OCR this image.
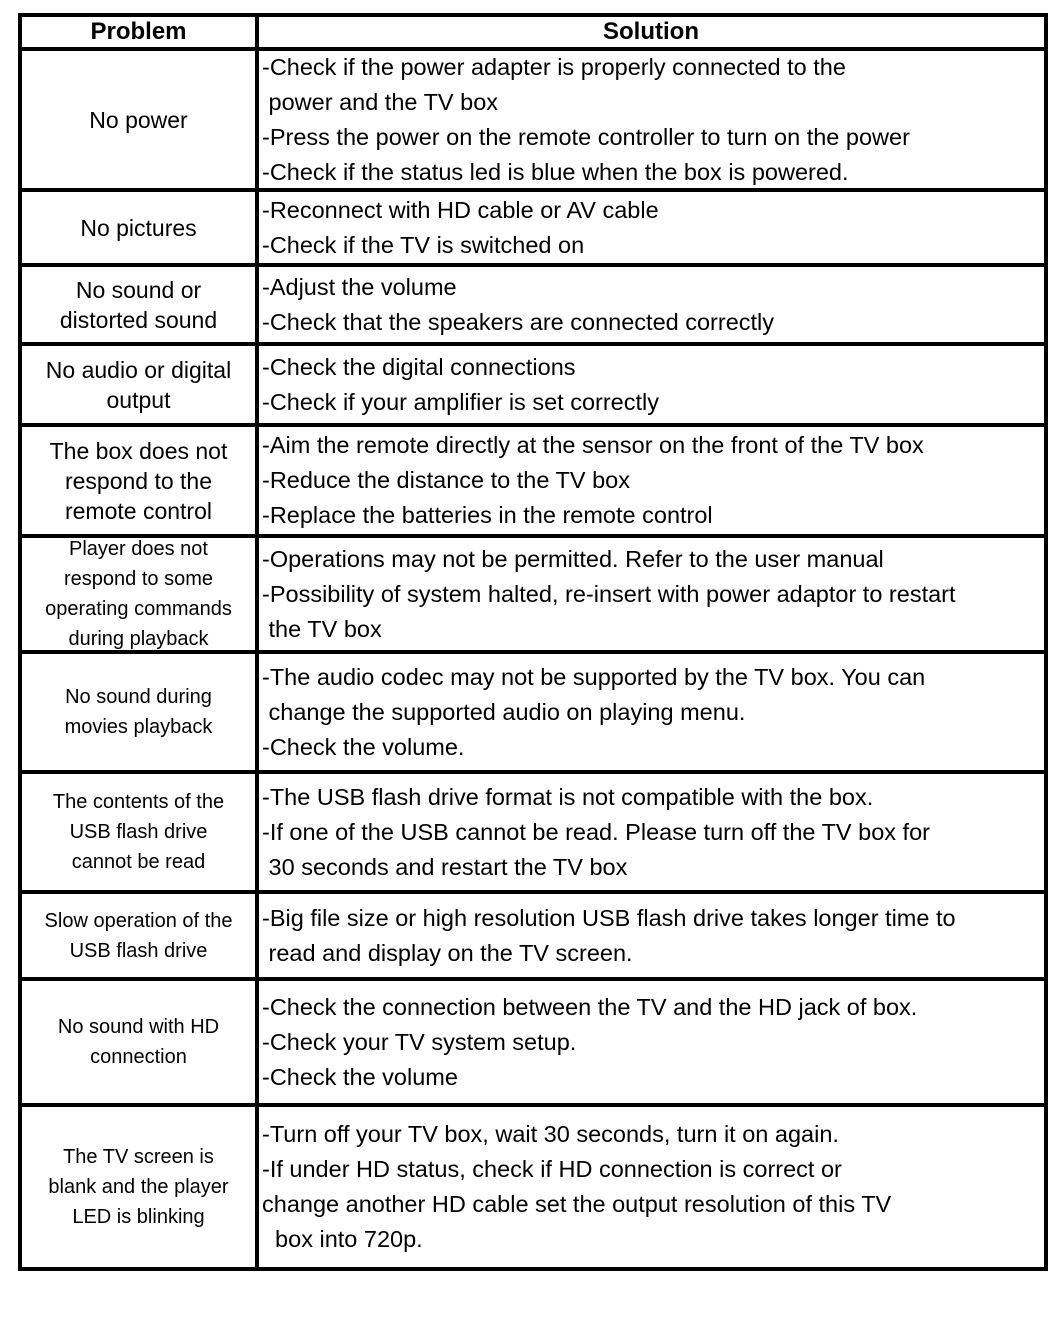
Problem	Solution
No power
-Check if the power adapter is properly connected to the
power and the TV box
-Press the power on the remote controller to turn on the power
-Check if the status led is blue when the box is powered.
No pictures
-Reconnect with HD cable or AV cable
-Check if the TV is switched on
No sound or
distorted sound
-Adjust the volume
-Check that the speakers are connected correctly
No audio or digital
output
-Check the digital connections
-Check if your amplifier is set correctly
The box does not
respond to the
remote control
-Aim the remote directly at the sensor on the front of the TV box
-Reduce the distance to the TV box
-Replace the batteries in the remote control
Player does not
respond to some
operating commands
during playback
-Operations may not be permitted. Refer to the user manual
-Possibility of system halted, re-insert with power adaptor to restart
the TV box
No sound during
movies playback
-The audio codec may not be supported by the TV box. You can
change the supported audio on playing menu.
-Check the volume.
The contents of the
USB flash drive
cannot be read
-The USB flash drive format is not compatible with the box.
-If one of the USB cannot be read. Please turn off the TV box for
30 seconds and restart the TV box
Slow operation of the
USB flash drive
-Big file size or high resolution USB flash drive takes longer time to
read and display on the TV screen.
No sound with HD
connection
-Check the connection between the TV and the HD jack of box.
-Check your TV system setup.
-Check the volume
The TV screen is
blank and the player
LED is blinking
-Turn off your TV box, wait 30 seconds, turn it on again.
-If under HD status, check if HD connection is correct or
change another HD cable set the output resolution of this TV
box into 720p.
